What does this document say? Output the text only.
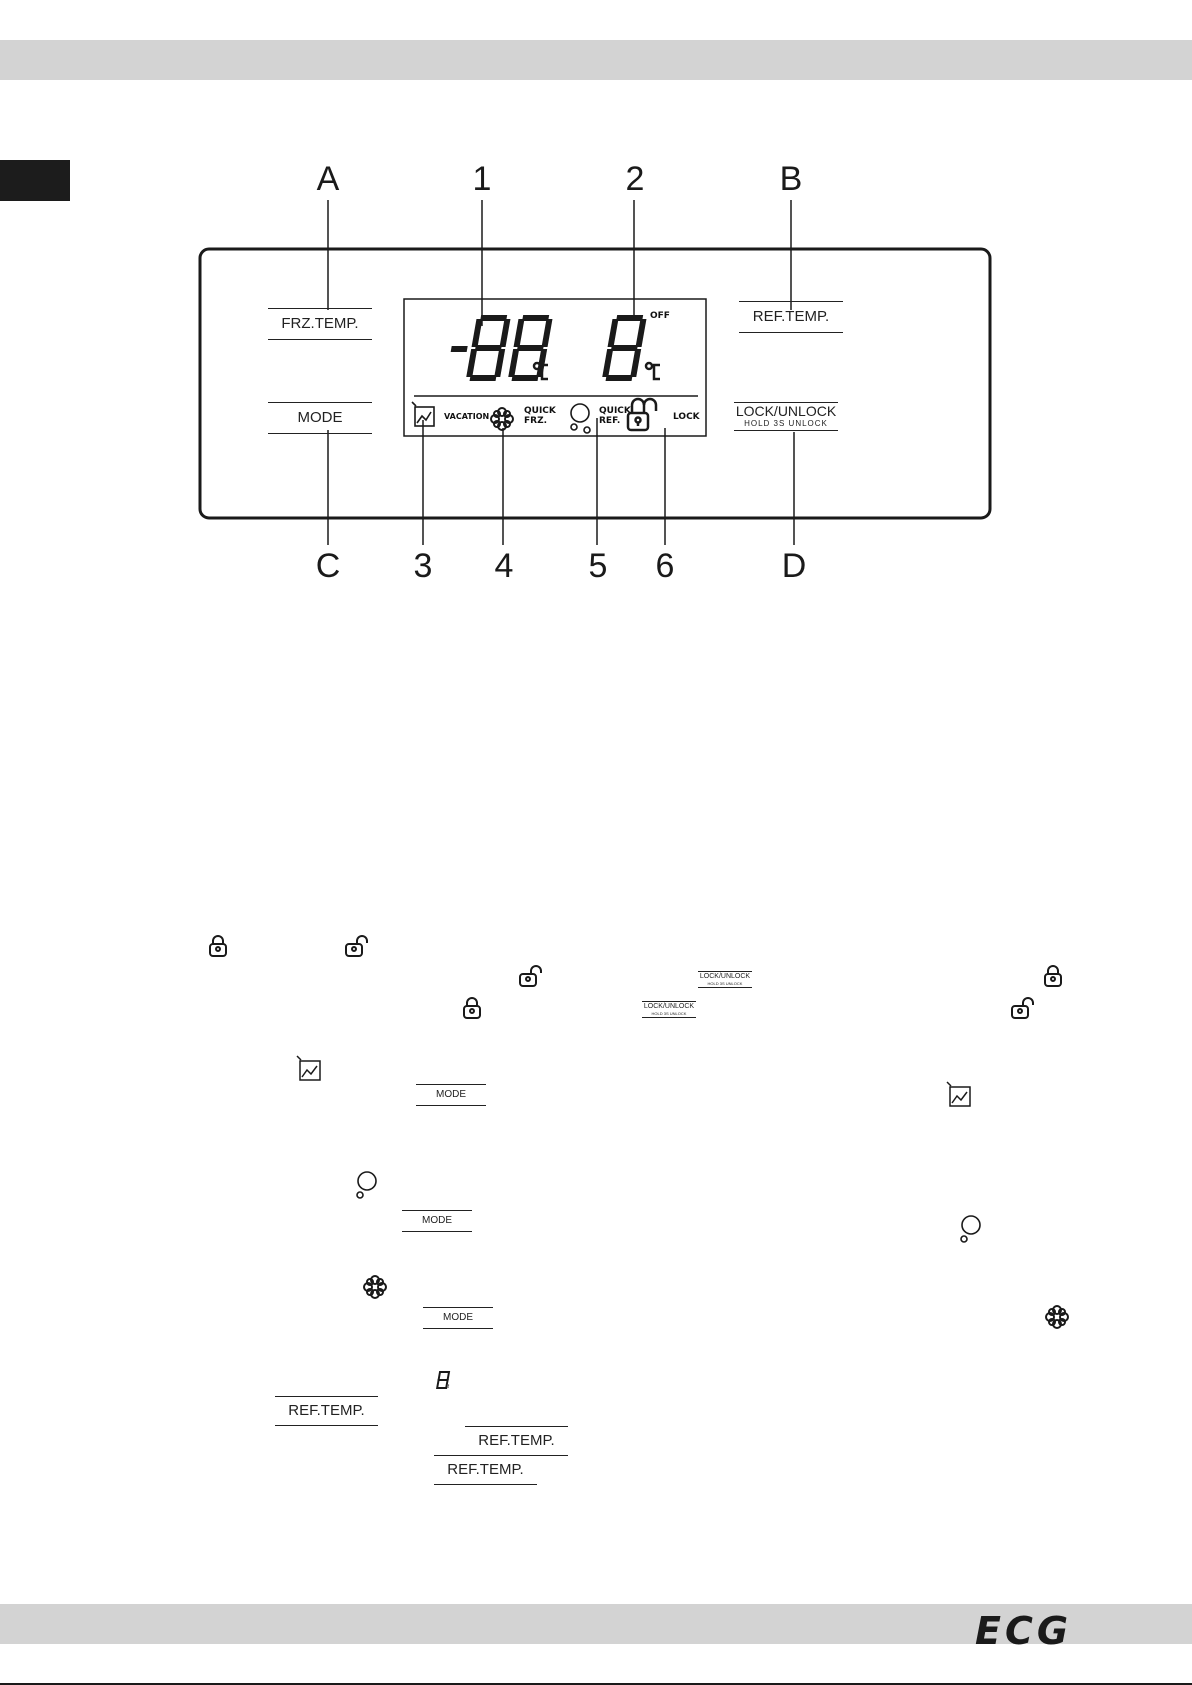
ECG
A	1	2	B
C	3	4	5	6	D
FRZ.TEMP.	REF.TEMP.
MODE	LOCK/UNLOCK
HOLD 3S UNLOCK
OFF
VACATION
QUICK
FRZ.
QUICK
REF.	LOCK
t
LOCK/UNLOCK
HOLD 3S UNLOCK
LOCK/UNLOCK
HOLD 3S UNLOCK
MODE
MODE
MODE
REF.TEMP.
REF.TEMP.
REF.TEMP.
